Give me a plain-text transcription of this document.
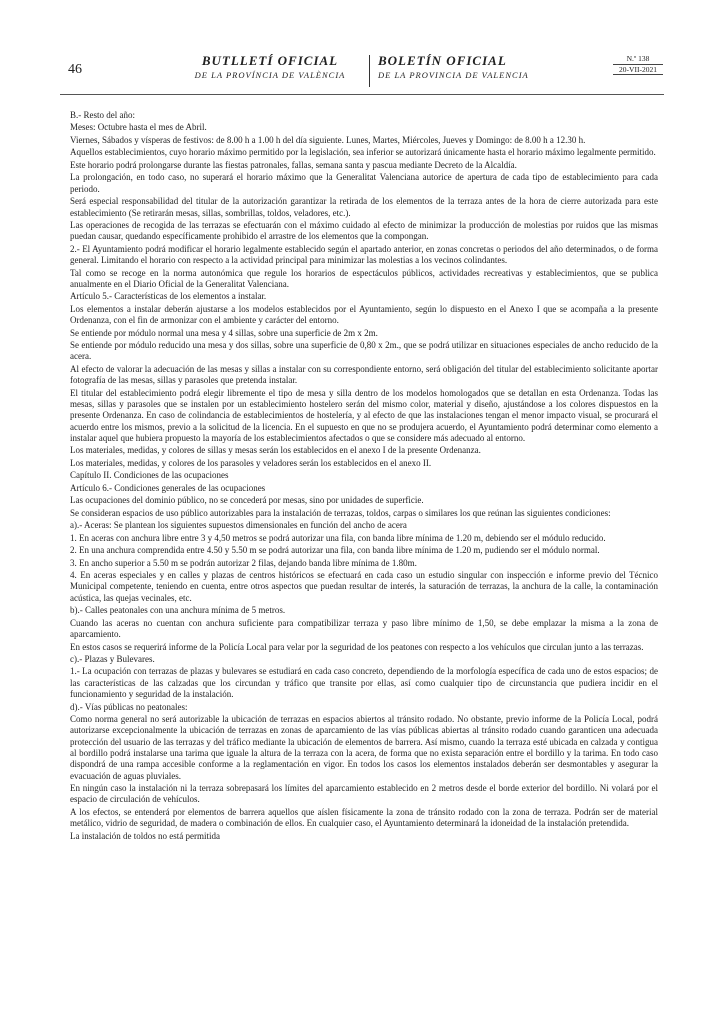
46
BUTLLETÍ OFICIAL
DE LA PROVÍNCIA DE VALÈNCIA
BOLETÍN OFICIAL
DE LA PROVINCIA DE VALENCIA
N.º 138
20-VII-2021

B.- Resto del año:

Meses: Octubre hasta el mes de Abril.

Viernes, Sábados y vísperas de festivos: de 8.00 h a 1.00 h del día siguiente. Lunes, Martes, Miércoles, Jueves y Domingo: de 8.00 h a 12.30 h.

Aquellos establecimientos, cuyo horario máximo permitido por la legislación, sea inferior se autorizará únicamente hasta el horario máximo legalmente permitido.

Este horario podrá prolongarse durante las fiestas patronales, fallas, semana santa y pascua mediante Decreto de la Alcaldía.

La prolongación, en todo caso, no superará el horario máximo que la Generalitat Valenciana autorice de apertura de cada tipo de establecimiento para cada periodo.

Será especial responsabilidad del titular de la autorización garantizar la retirada de los elementos de la terraza antes de la hora de cierre autorizada para este establecimiento (Se retirarán mesas, sillas, sombrillas, toldos, veladores, etc.).

Las operaciones de recogida de las terrazas se efectuarán con el máximo cuidado al efecto de minimizar la producción de molestias por ruidos que las mismas puedan causar, quedando específicamente prohibido el arrastre de los elementos que la compongan.

2.- El Ayuntamiento podrá modificar el horario legalmente establecido según el apartado anterior, en zonas concretas o periodos del año determinados, o de forma general. Limitando el horario con respecto a la actividad principal para minimizar las molestias a los vecinos colindantes.

Tal como se recoge en la norma autonómica que regule los horarios de espectáculos públicos, actividades recreativas y establecimientos, que se publica anualmente en el Diario Oficial de la Generalitat Valenciana.

Artículo 5.- Características de los elementos a instalar.

Los elementos a instalar deberán ajustarse a los modelos establecidos por el Ayuntamiento, según lo dispuesto en el Anexo I que se acompaña a la presente Ordenanza, con el fin de armonizar con el ambiente y carácter del entorno.

Se entiende por módulo normal una mesa y 4 sillas, sobre una superficie de 2m x 2m.

Se entiende por módulo reducido una mesa y dos sillas, sobre una superficie de 0,80 x 2m., que se podrá utilizar en situaciones especiales de ancho reducido de la acera.

Al efecto de valorar la adecuación de las mesas y sillas a instalar con su correspondiente entorno, será obligación del titular del establecimiento solicitante aportar fotografía de las mesas, sillas y parasoles que pretenda instalar.

El titular del establecimiento podrá elegir libremente el tipo de mesa y silla dentro de los modelos homologados que se detallan en esta Ordenanza. Todas las mesas, sillas y parasoles que se instalen por un establecimiento hostelero serán del mismo color, material y diseño, ajustándose a los colores dispuestos en la presente Ordenanza. En caso de colindancia de establecimientos de hostelería, y al efecto de que las instalaciones tengan el menor impacto visual, se procurará el acuerdo entre los mismos, previo a la solicitud de la licencia. En el supuesto en que no se produjera acuerdo, el Ayuntamiento podrá determinar como elemento a instalar aquel que hubiera propuesto la mayoría de los establecimientos afectados o que se considere más adecuado al entorno.

Los materiales, medidas, y colores de sillas y mesas serán los establecidos en el anexo I de la presente Ordenanza.

Los materiales, medidas, y colores de los parasoles y veladores serán los establecidos en el anexo II.

Capítulo II. Condiciones de las ocupaciones

Artículo 6.- Condiciones generales de las ocupaciones

Las ocupaciones del dominio público, no se concederá por mesas, sino por unidades de superficie.

Se consideran espacios de uso público autorizables para la instalación de terrazas, toldos, carpas o similares los que reúnan las siguientes condiciones:

a).- Aceras: Se plantean los siguientes supuestos dimensionales en función del ancho de acera

1. En aceras con anchura libre entre 3 y 4,50 metros se podrá autorizar una fila, con banda libre mínima de 1.20 m, debiendo ser el módulo reducido.

2. En una anchura comprendida entre 4.50 y 5.50 m se podrá autorizar una fila, con banda libre mínima de 1.20 m, pudiendo ser el módulo normal.

3. En ancho superior a 5.50 m se podrán autorizar 2 filas, dejando banda libre mínima de 1.80m.

4. En aceras especiales y en calles y plazas de centros históricos se efectuará en cada caso un estudio singular con inspección e informe previo del Técnico Municipal competente, teniendo en cuenta, entre otros aspectos que puedan resultar de interés, la saturación de terrazas, la anchura de la calle, la contaminación acústica, las quejas vecinales, etc.

b).- Calles peatonales con una anchura mínima de 5 metros.

Cuando las aceras no cuentan con anchura suficiente para compatibilizar terraza y paso libre mínimo de 1,50, se debe emplazar la misma a la zona de aparcamiento.

En estos casos se requerirá informe de la Policía Local para velar por la seguridad de los peatones con respecto a los vehículos que circulan junto a las terrazas.

c).- Plazas y Bulevares.

1.- La ocupación con terrazas de plazas y bulevares se estudiará en cada caso concreto, dependiendo de la morfología específica de cada uno de estos espacios; de las características de las calzadas que los circundan y tráfico que transite por ellas, así como cualquier tipo de circunstancia que pudiera incidir en el funcionamiento y seguridad de la instalación.

d).- Vías públicas no peatonales:

Como norma general no será autorizable la ubicación de terrazas en espacios abiertos al tránsito rodado. No obstante, previo informe de la Policía Local, podrá autorizarse excepcionalmente la ubicación de terrazas en zonas de aparcamiento de las vías públicas abiertas al tránsito rodado cuando garanticen una adecuada protección del usuario de las terrazas y del tráfico mediante la ubicación de elementos de barrera. Así mismo, cuando la terraza esté ubicada en calzada y contigua al bordillo podrá instalarse una tarima que iguale la altura de la terraza con la acera, de forma que no exista separación entre el bordillo y la tarima. En todo caso dispondrá de una rampa accesible conforme a la reglamentación en vigor. En todos los casos los elementos instalados deberán ser desmontables y asegurar la evacuación de aguas pluviales.

En ningún caso la instalación ni la terraza sobrepasará los límites del aparcamiento establecido en 2 metros desde el borde exterior del bordillo. Ni volará por el espacio de circulación de vehículos.

A los efectos, se entenderá por elementos de barrera aquellos que aíslen físicamente la zona de tránsito rodado con la zona de terraza. Podrán ser de material metálico, vidrio de seguridad, de madera o combinación de ellos. En cualquier caso, el Ayuntamiento determinará la idoneidad de la instalación pretendida.

La instalación de toldos no está permitida
